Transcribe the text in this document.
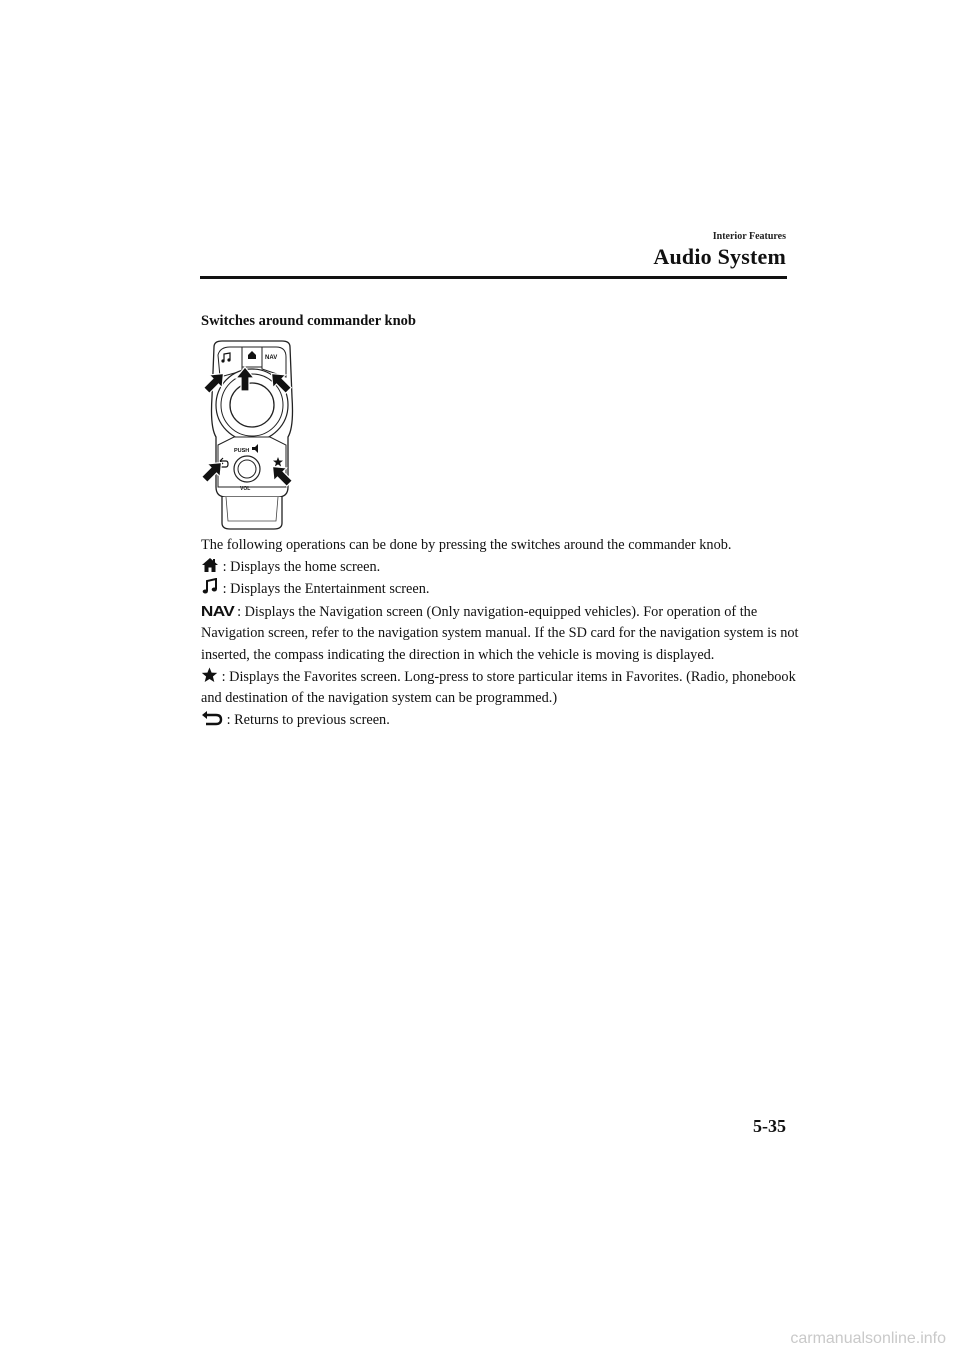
Interior Features
Audio System
Switches around commander knob
NAV
PUSH
VOL

The following operations can be done by pressing the switches around the commander knob.

: Displays the home screen.

: Displays the Entertainment screen.

NAV : Displays the Navigation screen (Only navigation-equipped vehicles). For operation of the Navigation screen, refer to the navigation system manual. If the SD card for the navigation system is not inserted, the compass indicating the direction in which the vehicle is moving is displayed.

: Displays the Favorites screen. Long-press to store particular items in Favorites. (Radio, phonebook and destination of the navigation system can be programmed.)

: Returns to previous screen.

5-35
carmanualsonline.info
